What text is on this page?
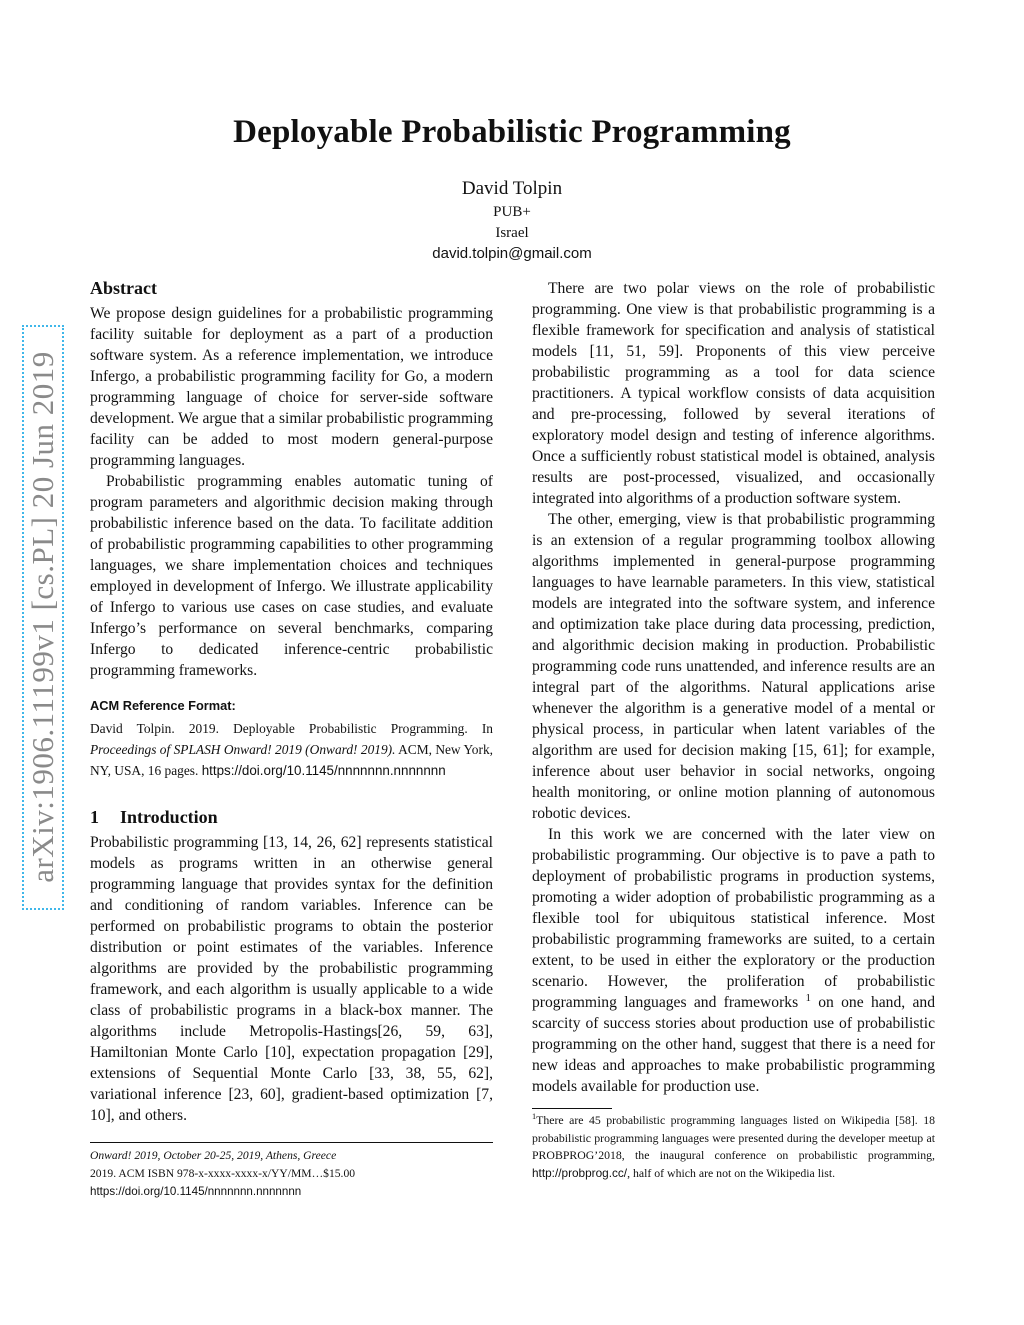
arXiv:1906.11199v1 [cs.PL] 20 Jun 2019
Deployable Probabilistic Programming
David Tolpin
PUB+
Israel
david.tolpin@gmail.com
Abstract

We propose design guidelines for a probabilistic programming facility suitable for deployment as a part of a production software system. As a reference implementation, we introduce Infergo, a probabilistic programming facility for Go, a modern programming language of choice for server-side software development. We argue that a similar probabilistic programming facility can be added to most modern general-purpose programming languages.

Probabilistic programming enables automatic tuning of program parameters and algorithmic decision making through probabilistic inference based on the data. To facilitate addition of probabilistic programming capabilities to other programming languages, we share implementation choices and techniques employed in development of Infergo. We illustrate applicability of Infergo to various use cases on case studies, and evaluate Infergo’s performance on several benchmarks, comparing Infergo to dedicated inference-centric probabilistic programming frameworks.

ACM Reference Format:

David Tolpin. 2019. Deployable Probabilistic Programming. In Proceedings of SPLASH Onward! 2019 (Onward! 2019). ACM, New York, NY, USA, 16 pages. https://doi.org/10.1145/nnnnnnn.nnnnnnn

1 Introduction

Probabilistic programming [13, 14, 26, 62] represents statistical models as programs written in an otherwise general programming language that provides syntax for the definition and conditioning of random variables. Inference can be performed on probabilistic programs to obtain the posterior distribution or point estimates of the variables. Inference algorithms are provided by the probabilistic programming framework, and each algorithm is usually applicable to a wide class of probabilistic programs in a black-box manner. The algorithms include Metropolis-Hastings[26, 59, 63], Hamiltonian Monte Carlo [10], expectation propagation [29], extensions of Sequential Monte Carlo [33, 38, 55, 62], variational inference [23, 60], gradient-based optimization [7, 10], and others.

Onward! 2019, October 20-25, 2019, Athens, Greece
2019. ACM ISBN 978-x-xxxx-xxxx-x/YY/MM…$15.00
https://doi.org/10.1145/nnnnnnn.nnnnnnn

There are two polar views on the role of probabilistic programming. One view is that probabilistic programming is a flexible framework for specification and analysis of statistical models [11, 51, 59]. Proponents of this view perceive probabilistic programming as a tool for data science practitioners. A typical workflow consists of data acquisition and pre-processing, followed by several iterations of exploratory model design and testing of inference algorithms. Once a sufficiently robust statistical model is obtained, analysis results are post-processed, visualized, and occasionally integrated into algorithms of a production software system.

The other, emerging, view is that probabilistic programming is an extension of a regular programming toolbox allowing algorithms implemented in general-purpose programming languages to have learnable parameters. In this view, statistical models are integrated into the software system, and inference and optimization take place during data processing, prediction, and algorithmic decision making in production. Probabilistic programming code runs unattended, and inference results are an integral part of the algorithms. Natural applications arise whenever the algorithm is a generative model of a mental or physical process, in particular when latent variables of the algorithm are used for decision making [15, 61]; for example, inference about user behavior in social networks, ongoing health monitoring, or online motion planning of autonomous robotic devices.

In this work we are concerned with the later view on probabilistic programming. Our objective is to pave a path to deployment of probabilistic programs in production systems, promoting a wider adoption of probabilistic programming as a flexible tool for ubiquitous statistical inference. Most probabilistic programming frameworks are suited, to a certain extent, to be used in either the exploratory or the production scenario. However, the proliferation of probabilistic programming languages and frameworks $^1$ on one hand, and scarcity of success stories about production use of probabilistic programming on the other hand, suggest that there is a need for new ideas and approaches to make probabilistic programming models available for production use.

$^1$There are 45 probabilistic programming languages listed on Wikipedia [58]. 18 probabilistic programming languages were presented during the developer meetup at PROBPROG’2018, the inaugural conference on probabilistic programming, http://probprog.cc/, half of which are not on the Wikipedia list.
